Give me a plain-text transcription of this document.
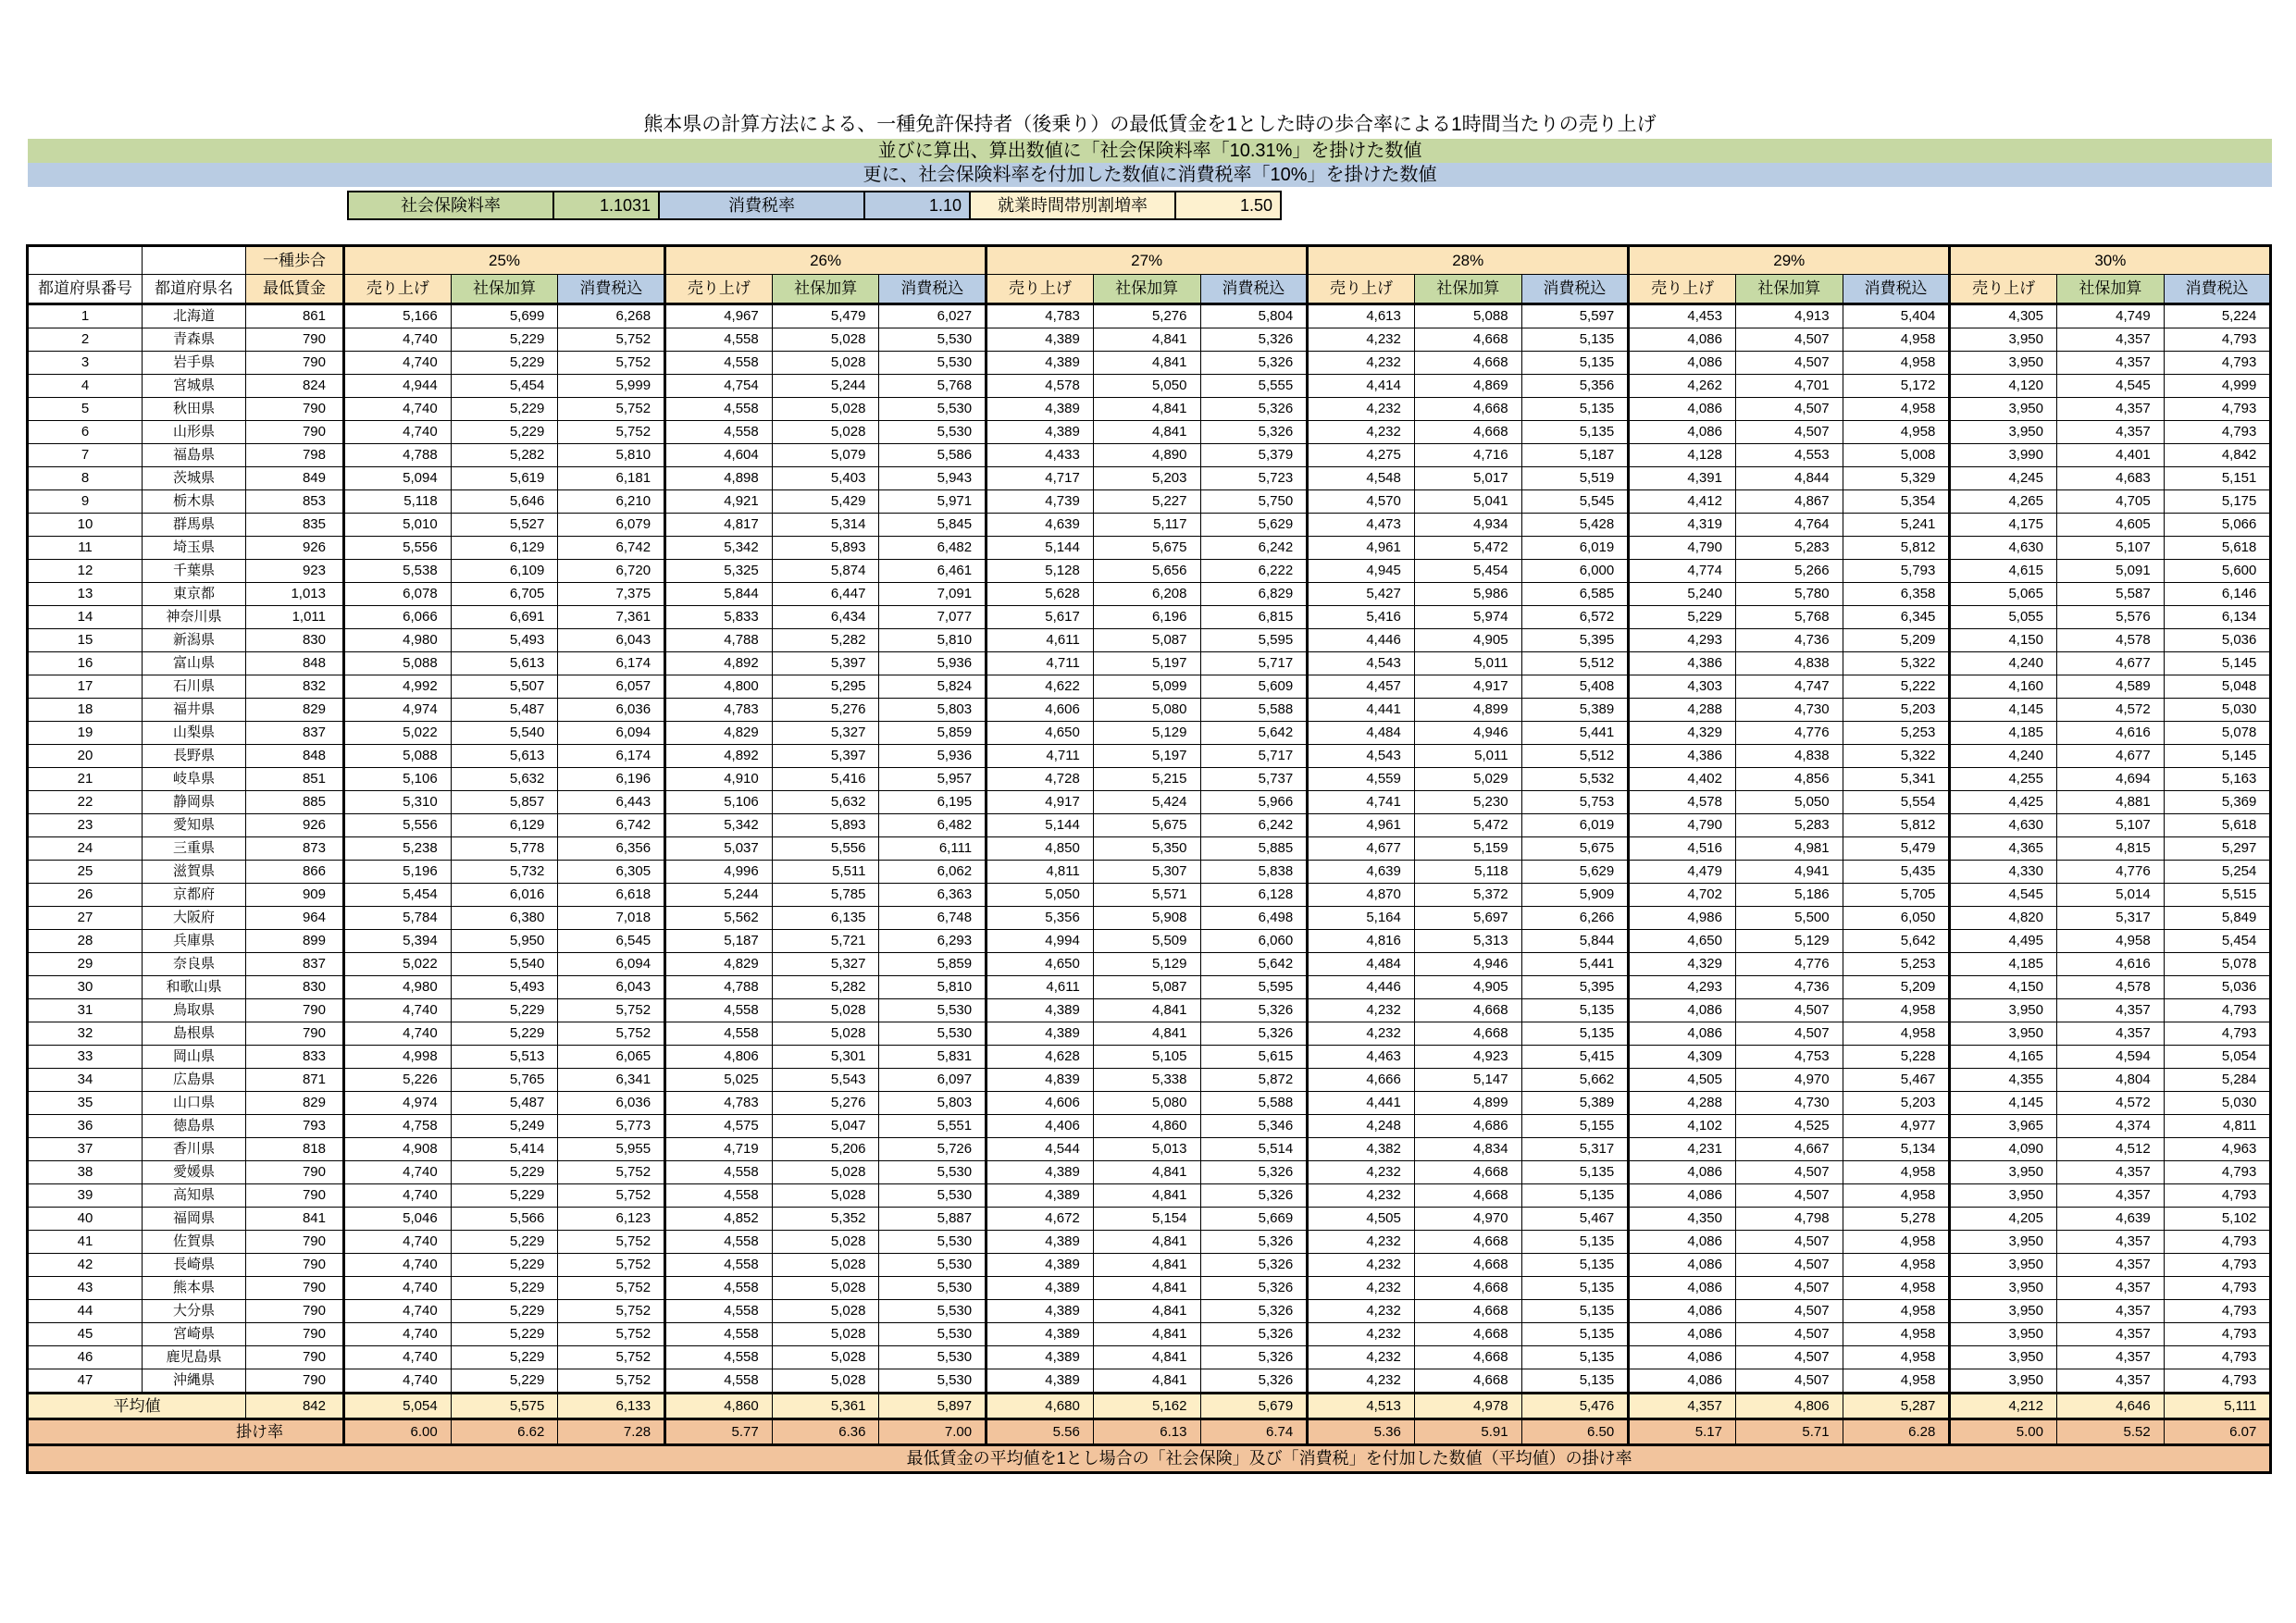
熊本県の計算方法による、一種免許保持者（後乗り）の最低賃金を1とした時の歩合率による1時間当たりの売り上げ
並びに算出、算出数値に「社会保険料率「10.31%」を掛けた数値
更に、社会保険料率を付加した数値に消費税率「10%」を掛けた数値
社会保険料率	1.1031	消費税率	1.10	就業時間帯別割増率	1.50
		一種歩合	25%			26%			27%			28%			29%			30%		
都道府県番号	都道府県名	最低賃金	売り上げ	社保加算	消費税込	売り上げ	社保加算	消費税込	売り上げ	社保加算	消費税込	売り上げ	社保加算	消費税込	売り上げ	社保加算	消費税込	売り上げ	社保加算	消費税込
1	北海道	861	5,166	5,699	6,268	4,967	5,479	6,027	4,783	5,276	5,804	4,613	5,088	5,597	4,453	4,913	5,404	4,305	4,749	5,224
2	青森県	790	4,740	5,229	5,752	4,558	5,028	5,530	4,389	4,841	5,326	4,232	4,668	5,135	4,086	4,507	4,958	3,950	4,357	4,793
3	岩手県	790	4,740	5,229	5,752	4,558	5,028	5,530	4,389	4,841	5,326	4,232	4,668	5,135	4,086	4,507	4,958	3,950	4,357	4,793
4	宮城県	824	4,944	5,454	5,999	4,754	5,244	5,768	4,578	5,050	5,555	4,414	4,869	5,356	4,262	4,701	5,172	4,120	4,545	4,999
5	秋田県	790	4,740	5,229	5,752	4,558	5,028	5,530	4,389	4,841	5,326	4,232	4,668	5,135	4,086	4,507	4,958	3,950	4,357	4,793
6	山形県	790	4,740	5,229	5,752	4,558	5,028	5,530	4,389	4,841	5,326	4,232	4,668	5,135	4,086	4,507	4,958	3,950	4,357	4,793
7	福島県	798	4,788	5,282	5,810	4,604	5,079	5,586	4,433	4,890	5,379	4,275	4,716	5,187	4,128	4,553	5,008	3,990	4,401	4,842
8	茨城県	849	5,094	5,619	6,181	4,898	5,403	5,943	4,717	5,203	5,723	4,548	5,017	5,519	4,391	4,844	5,329	4,245	4,683	5,151
9	栃木県	853	5,118	5,646	6,210	4,921	5,429	5,971	4,739	5,227	5,750	4,570	5,041	5,545	4,412	4,867	5,354	4,265	4,705	5,175
10	群馬県	835	5,010	5,527	6,079	4,817	5,314	5,845	4,639	5,117	5,629	4,473	4,934	5,428	4,319	4,764	5,241	4,175	4,605	5,066
11	埼玉県	926	5,556	6,129	6,742	5,342	5,893	6,482	5,144	5,675	6,242	4,961	5,472	6,019	4,790	5,283	5,812	4,630	5,107	5,618
12	千葉県	923	5,538	6,109	6,720	5,325	5,874	6,461	5,128	5,656	6,222	4,945	5,454	6,000	4,774	5,266	5,793	4,615	5,091	5,600
13	東京都	1,013	6,078	6,705	7,375	5,844	6,447	7,091	5,628	6,208	6,829	5,427	5,986	6,585	5,240	5,780	6,358	5,065	5,587	6,146
14	神奈川県	1,011	6,066	6,691	7,361	5,833	6,434	7,077	5,617	6,196	6,815	5,416	5,974	6,572	5,229	5,768	6,345	5,055	5,576	6,134
15	新潟県	830	4,980	5,493	6,043	4,788	5,282	5,810	4,611	5,087	5,595	4,446	4,905	5,395	4,293	4,736	5,209	4,150	4,578	5,036
16	富山県	848	5,088	5,613	6,174	4,892	5,397	5,936	4,711	5,197	5,717	4,543	5,011	5,512	4,386	4,838	5,322	4,240	4,677	5,145
17	石川県	832	4,992	5,507	6,057	4,800	5,295	5,824	4,622	5,099	5,609	4,457	4,917	5,408	4,303	4,747	5,222	4,160	4,589	5,048
18	福井県	829	4,974	5,487	6,036	4,783	5,276	5,803	4,606	5,080	5,588	4,441	4,899	5,389	4,288	4,730	5,203	4,145	4,572	5,030
19	山梨県	837	5,022	5,540	6,094	4,829	5,327	5,859	4,650	5,129	5,642	4,484	4,946	5,441	4,329	4,776	5,253	4,185	4,616	5,078
20	長野県	848	5,088	5,613	6,174	4,892	5,397	5,936	4,711	5,197	5,717	4,543	5,011	5,512	4,386	4,838	5,322	4,240	4,677	5,145
21	岐阜県	851	5,106	5,632	6,196	4,910	5,416	5,957	4,728	5,215	5,737	4,559	5,029	5,532	4,402	4,856	5,341	4,255	4,694	5,163
22	静岡県	885	5,310	5,857	6,443	5,106	5,632	6,195	4,917	5,424	5,966	4,741	5,230	5,753	4,578	5,050	5,554	4,425	4,881	5,369
23	愛知県	926	5,556	6,129	6,742	5,342	5,893	6,482	5,144	5,675	6,242	4,961	5,472	6,019	4,790	5,283	5,812	4,630	5,107	5,618
24	三重県	873	5,238	5,778	6,356	5,037	5,556	6,111	4,850	5,350	5,885	4,677	5,159	5,675	4,516	4,981	5,479	4,365	4,815	5,297
25	滋賀県	866	5,196	5,732	6,305	4,996	5,511	6,062	4,811	5,307	5,838	4,639	5,118	5,629	4,479	4,941	5,435	4,330	4,776	5,254
26	京都府	909	5,454	6,016	6,618	5,244	5,785	6,363	5,050	5,571	6,128	4,870	5,372	5,909	4,702	5,186	5,705	4,545	5,014	5,515
27	大阪府	964	5,784	6,380	7,018	5,562	6,135	6,748	5,356	5,908	6,498	5,164	5,697	6,266	4,986	5,500	6,050	4,820	5,317	5,849
28	兵庫県	899	5,394	5,950	6,545	5,187	5,721	6,293	4,994	5,509	6,060	4,816	5,313	5,844	4,650	5,129	5,642	4,495	4,958	5,454
29	奈良県	837	5,022	5,540	6,094	4,829	5,327	5,859	4,650	5,129	5,642	4,484	4,946	5,441	4,329	4,776	5,253	4,185	4,616	5,078
30	和歌山県	830	4,980	5,493	6,043	4,788	5,282	5,810	4,611	5,087	5,595	4,446	4,905	5,395	4,293	4,736	5,209	4,150	4,578	5,036
31	鳥取県	790	4,740	5,229	5,752	4,558	5,028	5,530	4,389	4,841	5,326	4,232	4,668	5,135	4,086	4,507	4,958	3,950	4,357	4,793
32	島根県	790	4,740	5,229	5,752	4,558	5,028	5,530	4,389	4,841	5,326	4,232	4,668	5,135	4,086	4,507	4,958	3,950	4,357	4,793
33	岡山県	833	4,998	5,513	6,065	4,806	5,301	5,831	4,628	5,105	5,615	4,463	4,923	5,415	4,309	4,753	5,228	4,165	4,594	5,054
34	広島県	871	5,226	5,765	6,341	5,025	5,543	6,097	4,839	5,338	5,872	4,666	5,147	5,662	4,505	4,970	5,467	4,355	4,804	5,284
35	山口県	829	4,974	5,487	6,036	4,783	5,276	5,803	4,606	5,080	5,588	4,441	4,899	5,389	4,288	4,730	5,203	4,145	4,572	5,030
36	徳島県	793	4,758	5,249	5,773	4,575	5,047	5,551	4,406	4,860	5,346	4,248	4,686	5,155	4,102	4,525	4,977	3,965	4,374	4,811
37	香川県	818	4,908	5,414	5,955	4,719	5,206	5,726	4,544	5,013	5,514	4,382	4,834	5,317	4,231	4,667	5,134	4,090	4,512	4,963
38	愛媛県	790	4,740	5,229	5,752	4,558	5,028	5,530	4,389	4,841	5,326	4,232	4,668	5,135	4,086	4,507	4,958	3,950	4,357	4,793
39	高知県	790	4,740	5,229	5,752	4,558	5,028	5,530	4,389	4,841	5,326	4,232	4,668	5,135	4,086	4,507	4,958	3,950	4,357	4,793
40	福岡県	841	5,046	5,566	6,123	4,852	5,352	5,887	4,672	5,154	5,669	4,505	4,970	5,467	4,350	4,798	5,278	4,205	4,639	5,102
41	佐賀県	790	4,740	5,229	5,752	4,558	5,028	5,530	4,389	4,841	5,326	4,232	4,668	5,135	4,086	4,507	4,958	3,950	4,357	4,793
42	長崎県	790	4,740	5,229	5,752	4,558	5,028	5,530	4,389	4,841	5,326	4,232	4,668	5,135	4,086	4,507	4,958	3,950	4,357	4,793
43	熊本県	790	4,740	5,229	5,752	4,558	5,028	5,530	4,389	4,841	5,326	4,232	4,668	5,135	4,086	4,507	4,958	3,950	4,357	4,793
44	大分県	790	4,740	5,229	5,752	4,558	5,028	5,530	4,389	4,841	5,326	4,232	4,668	5,135	4,086	4,507	4,958	3,950	4,357	4,793
45	宮崎県	790	4,740	5,229	5,752	4,558	5,028	5,530	4,389	4,841	5,326	4,232	4,668	5,135	4,086	4,507	4,958	3,950	4,357	4,793
46	鹿児島県	790	4,740	5,229	5,752	4,558	5,028	5,530	4,389	4,841	5,326	4,232	4,668	5,135	4,086	4,507	4,958	3,950	4,357	4,793
47	沖縄県	790	4,740	5,229	5,752	4,558	5,028	5,530	4,389	4,841	5,326	4,232	4,668	5,135	4,086	4,507	4,958	3,950	4,357	4,793
平均値		842	5,054	5,575	6,133	4,860	5,361	5,897	4,680	5,162	5,679	4,513	4,978	5,476	4,357	4,806	5,287	4,212	4,646	5,111
掛け率			6.00	6.62	7.28	5.77	6.36	7.00	5.56	6.13	6.74	5.36	5.91	6.50	5.17	5.71	6.28	5.00	5.52	6.07
最低賃金の平均値を1とし場合の「社会保険」及び「消費税」を付加した数値（平均値）の掛け率																				
